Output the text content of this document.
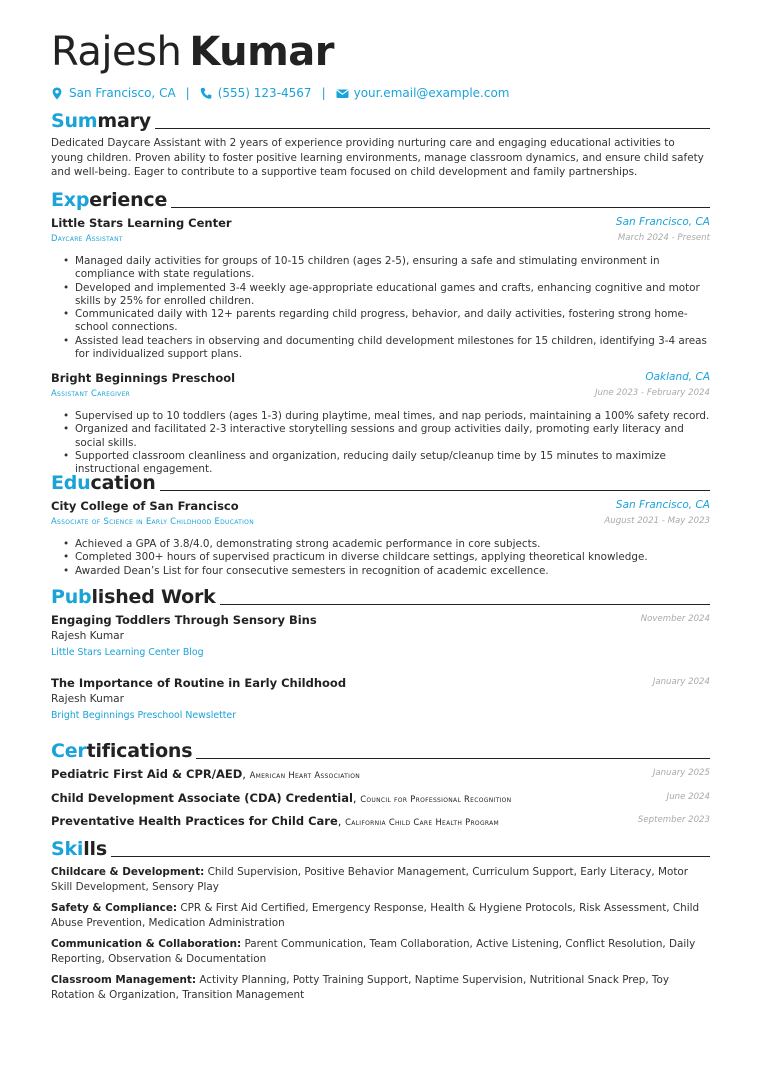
Rajesh Kumar
San Francisco, CA | (555) 123-4567 | your.email@example.com
Summary
Dedicated Daycare Assistant with 2 years of experience providing nurturing care and engaging educational activities to young children. Proven ability to foster positive learning environments, manage classroom dynamics, and ensure child safety and well-being. Eager to contribute to a supportive team focused on child development and family partnerships.
Experience
Little Stars Learning Center	San Francisco, CA
Daycare Assistant	March 2024 - Present
• Managed daily activities for groups of 10-15 children (ages 2-5), ensuring a safe and stimulating environment in compliance with state regulations.
• Developed and implemented 3-4 weekly age-appropriate educational games and crafts, enhancing cognitive and motor skills by 25% for enrolled children.
• Communicated daily with 12+ parents regarding child progress, behavior, and daily activities, fostering strong home-school connections.
• Assisted lead teachers in observing and documenting child development milestones for 15 children, identifying 3-4 areas for individualized support plans.
Bright Beginnings Preschool	Oakland, CA
Assistant Caregiver	June 2023 - February 2024
• Supervised up to 10 toddlers (ages 1-3) during playtime, meal times, and nap periods, maintaining a 100% safety record.
• Organized and facilitated 2-3 interactive storytelling sessions and group activities daily, promoting early literacy and social skills.
• Supported classroom cleanliness and organization, reducing daily setup/cleanup time by 15 minutes to maximize instructional engagement.
Education
City College of San Francisco	San Francisco, CA
Associate of Science in Early Childhood Education	August 2021 - May 2023
• Achieved a GPA of 3.8/4.0, demonstrating strong academic performance in core subjects.
• Completed 300+ hours of supervised practicum in diverse childcare settings, applying theoretical knowledge.
• Awarded Dean’s List for four consecutive semesters in recognition of academic excellence.
Published Work
Engaging Toddlers Through Sensory Bins	November 2024
Rajesh Kumar
Little Stars Learning Center Blog
The Importance of Routine in Early Childhood	January 2024
Rajesh Kumar
Bright Beginnings Preschool Newsletter
Certifications
Pediatric First Aid & CPR/AED, American Heart Association	January 2025
Child Development Associate (CDA) Credential, Council for Professional Recognition	June 2024
Preventative Health Practices for Child Care, California Child Care Health Program	September 2023
Skills
Childcare & Development: Child Supervision, Positive Behavior Management, Curriculum Support, Early Literacy, Motor Skill Development, Sensory Play
Safety & Compliance: CPR & First Aid Certified, Emergency Response, Health & Hygiene Protocols, Risk Assessment, Child Abuse Prevention, Medication Administration
Communication & Collaboration: Parent Communication, Team Collaboration, Active Listening, Conflict Resolution, Daily Reporting, Observation & Documentation
Classroom Management: Activity Planning, Potty Training Support, Naptime Supervision, Nutritional Snack Prep, Toy Rotation & Organization, Transition Management
